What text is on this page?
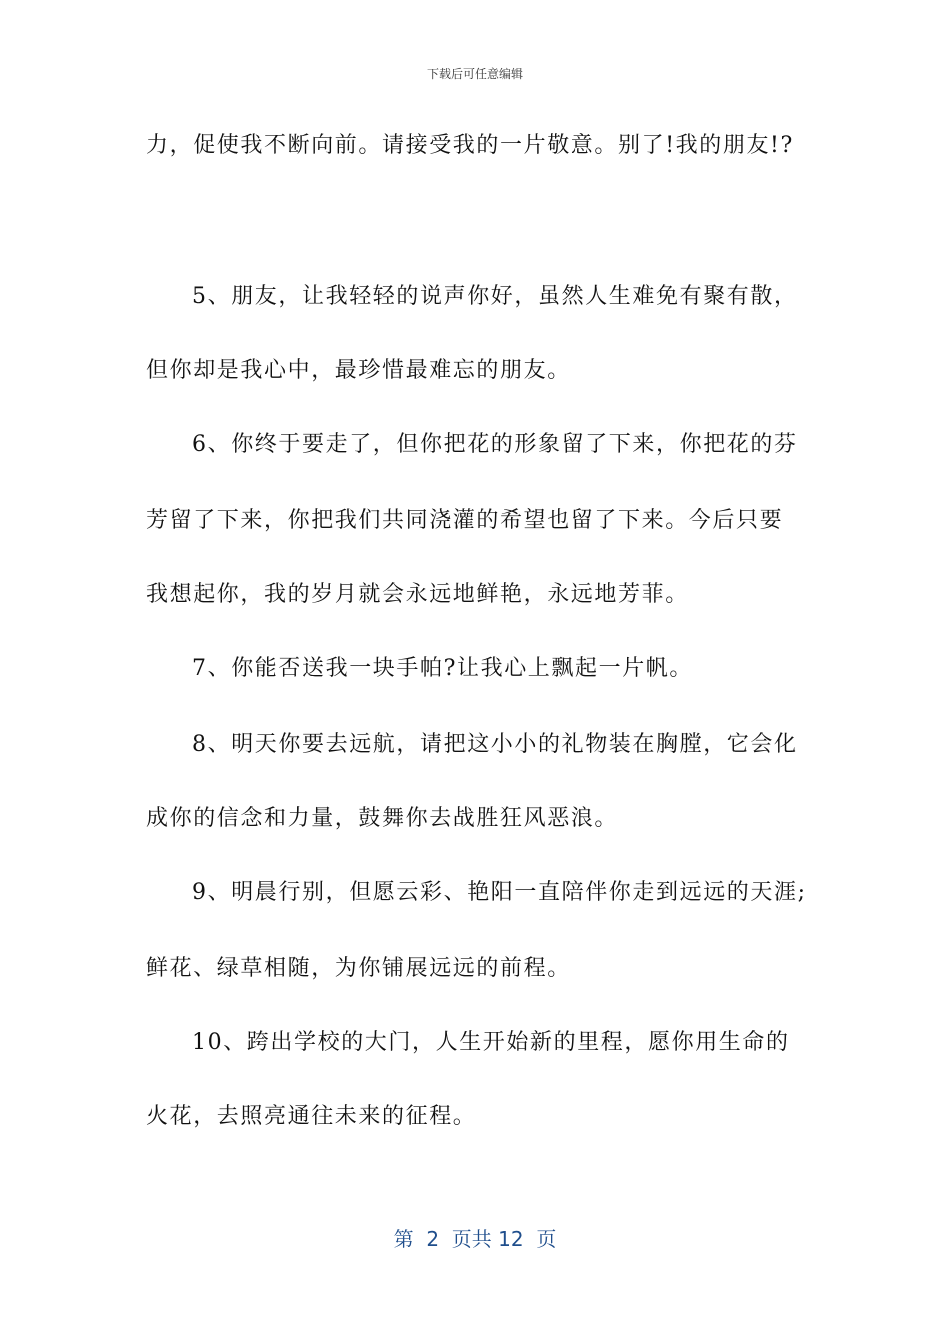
下载后可任意编辑
力，促使我不断向前。请接受我的一片敬意。别了!我的朋友!?
5、朋友，让我轻轻的说声你好，虽然人生难免有聚有散，
但你却是我心中，最珍惜最难忘的朋友。
6、你终于要走了，但你把花的形象留了下来，你把花的芬
芳留了下来，你把我们共同浇灌的希望也留了下来。今后只要
我想起你，我的岁月就会永远地鲜艳，永远地芳菲。
7、你能否送我一块手帕?让我心上飘起一片帆。
8、明天你要去远航，请把这小小的礼物装在胸膛，它会化
成你的信念和力量，鼓舞你去战胜狂风恶浪。
9、明晨行别，但愿云彩、艳阳一直陪伴你走到远远的天涯;
鲜花、绿草相随，为你铺展远远的前程。
10、跨出学校的大门，人生开始新的里程，愿你用生命的
火花，去照亮通往未来的征程。
第  2  页共 12  页
